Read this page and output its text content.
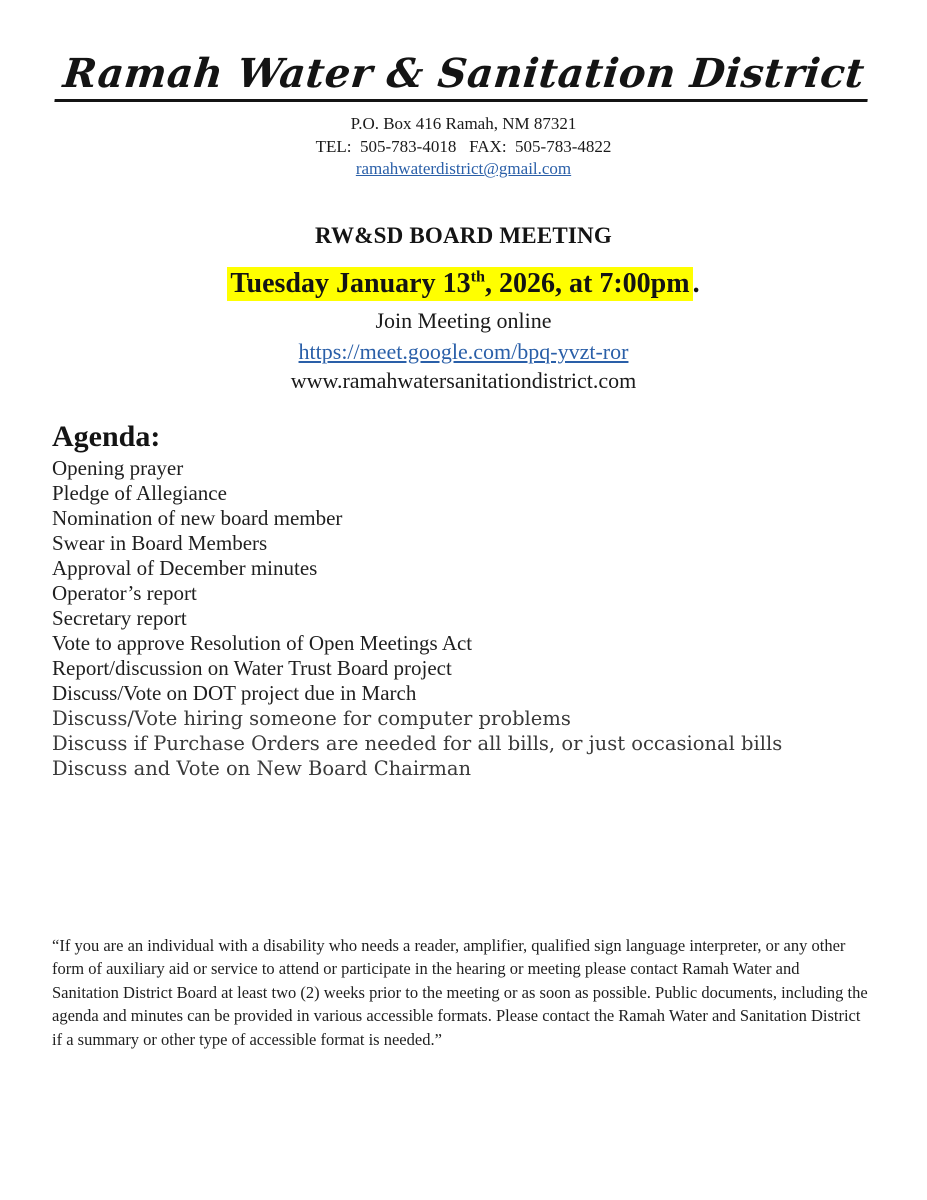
Ramah Water & Sanitation District
P.O. Box 416 Ramah, NM 87321
TEL:  505-783-4018   FAX:  505-783-4822
ramahwaterdistrict@gmail.com
RW&SD BOARD MEETING
Tuesday January 13th, 2026, at 7:00pm .
Join Meeting online
https://meet.google.com/bpq-yvzt-ror
www.ramahwatersanitationdistrict.com
Agenda:
Opening prayer
Pledge of Allegiance
Nomination of new board member
Swear in Board Members
Approval of December minutes
Operator’s report
Secretary report
Vote to approve Resolution of Open Meetings Act
Report/discussion on Water Trust Board project
Discuss/Vote on DOT project due in March
Discuss/Vote hiring someone for computer problems
Discuss if Purchase Orders are needed for all bills, or just occasional bills
Discuss and Vote on New Board Chairman
“If you are an individual with a disability who needs a reader, amplifier, qualified sign language interpreter, or any other form of auxiliary aid or service to attend or participate in the hearing or meeting please contact Ramah Water and Sanitation District Board at least two (2) weeks prior to the meeting or as soon as possible. Public documents, including the agenda and minutes can be provided in various accessible formats. Please contact the Ramah Water and Sanitation District if a summary or other type of accessible format is needed.”
